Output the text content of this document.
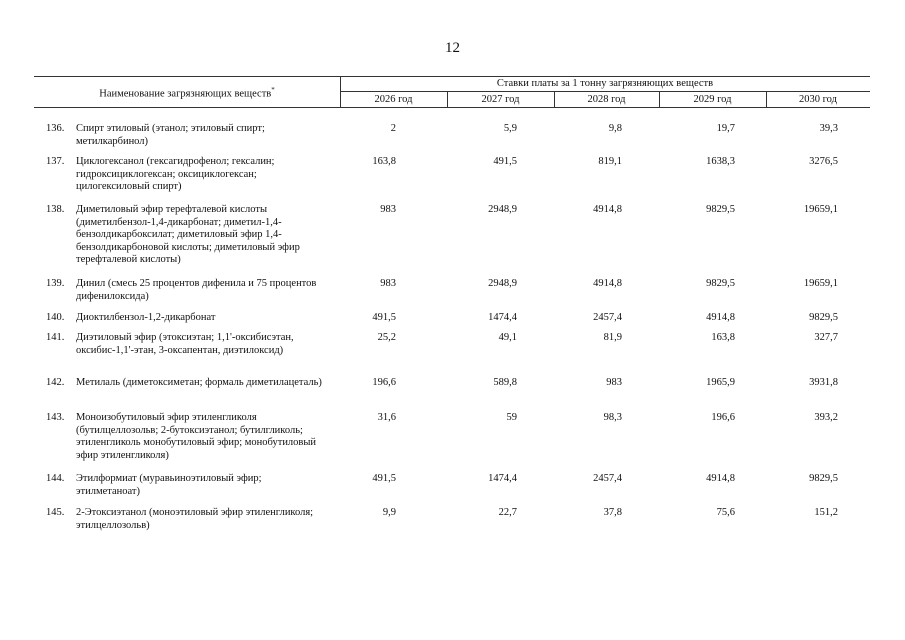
12
Наименование загрязняющих веществ*
Ставки платы за 1 тонну загрязняющих веществ
2026 год	2027 год	2028 год	2029 год	2030 год
136. Спирт этиловый (этанол; этиловый спирт; метилкарбинол)
2	5,9	9,8	19,7	39,3
137. Циклогексанол (гексагидрофенол; гексалин; гидроксициклогексан; оксициклогексан; цилогексиловый спирт)
163,8	491,5	819,1	1638,3	3276,5
138. Диметиловый эфир терефталевой кислоты (диметилбензол-1,4-дикарбонат; диметил-1,4-бензолдикарбоксилат; диметиловый эфир 1,4-бензолдикарбоновой кислоты; диметиловый эфир терефталевой кислоты)
983	2948,9	4914,8	9829,5	19659,1
139. Динил (смесь 25 процентов дифенила и 75 процентов дифенилоксида)
983	2948,9	4914,8	9829,5	19659,1
140. Диоктилбензол-1,2-дикарбонат	491,5	1474,4	2457,4	4914,8	9829,5
141. Диэтиловый эфир (этоксиэтан; 1,1'-оксибисэтан, оксибис-1,1'-этан, 3-оксапентан, диэтилоксид)
25,2	49,1	81,9	163,8	327,7
142. Метилаль (диметоксиметан; формаль диметилацеталь)	196,6	589,8	983	1965,9	3931,8
143. Моноизобутиловый эфир этиленгликоля (бутилцеллозольв; 2-бутоксиэтанол; бутилгликоль; этиленгликоль монобутиловый эфир; монобутиловый эфир этиленгликоля)
31,6	59	98,3	196,6	393,2
144. Этилформиат (муравьиноэтиловый эфир; этилметаноат)
491,5	1474,4	2457,4	4914,8	9829,5
145. 2-Этоксиэтанол (моноэтиловый эфир этиленгликоля; этилцеллозольв)
9,9	22,7	37,8	75,6	151,2
